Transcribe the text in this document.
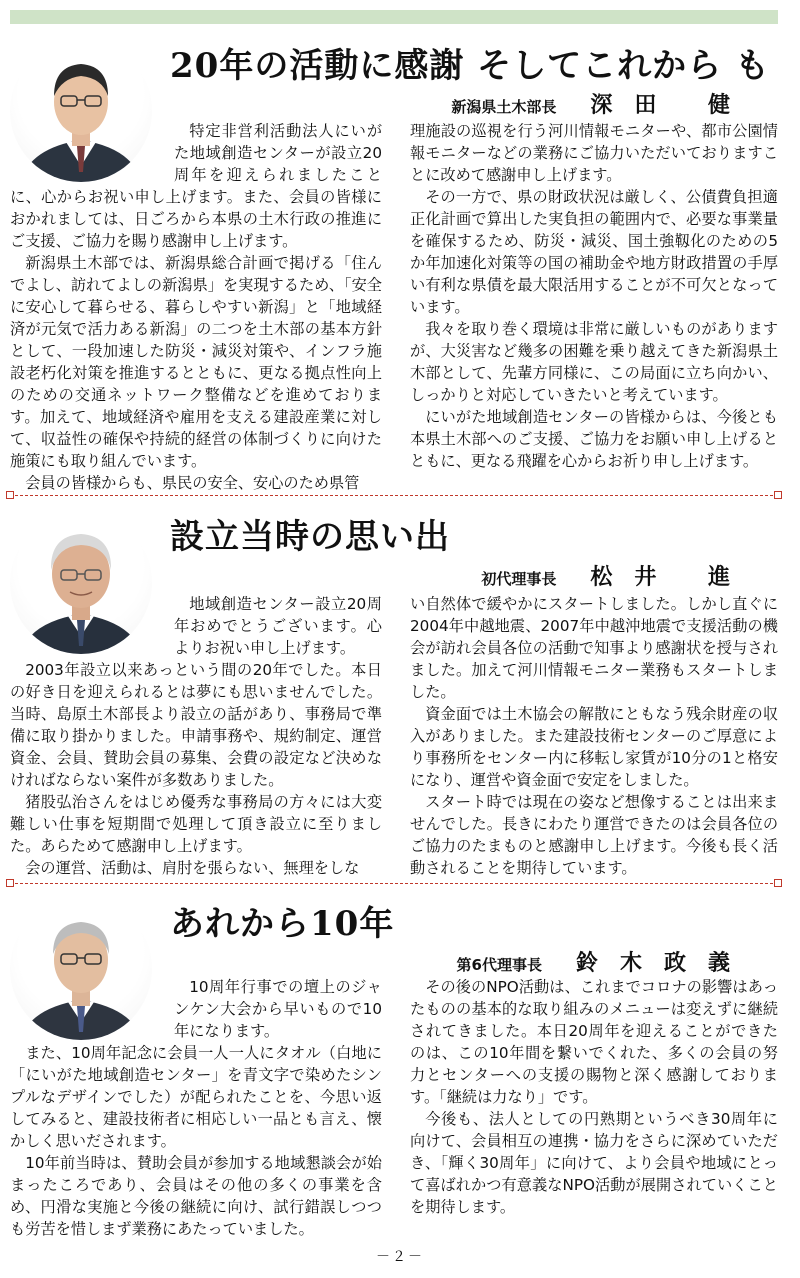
20年の活動に感謝 そしてこれから も
新潟県土木部長 深田 健

特定非営利活動法人にいがた地域創造センターが設立20周年を迎えられましたことに、心からお祝い申し上げます。また、会員の皆様におかれましては、日ごろから本県の土木行政の推進にご支援、ご協力を賜り感謝申し上げます。

新潟県土木部では、新潟県総合計画で掲げる「住んでよし、訪れてよしの新潟県」を実現するため、「安全に安心して暮らせる、暮らしやすい新潟」と「地域経済が元気で活力ある新潟」の二つを土木部の基本方針として、一段加速した防災・減災対策や、インフラ施設老朽化対策を推進するとともに、更なる拠点性向上のための交通ネットワーク整備などを進めております。加えて、地域経済や雇用を支える建設産業に対して、収益性の確保や持続的経営の体制づくりに向けた施策にも取り組んでいます。

会員の皆様からも、県民の安全、安心のため県管

理施設の巡視を行う河川情報モニターや、都市公園情報モニターなどの業務にご協力いただいておりますことに改めて感謝申し上げます。

その一方で、県の財政状況は厳しく、公債費負担適正化計画で算出した実負担の範囲内で、必要な事業量を確保するため、防災・減災、国土強靱化のための5か年加速化対策等の国の補助金や地方財政措置の手厚い有利な県債を最大限活用することが不可欠となっています。

我々を取り巻く環境は非常に厳しいものがありますが、大災害など幾多の困難を乗り越えてきた新潟県土木部として、先輩方同様に、この局面に立ち向かい、しっかりと対応していきたいと考えています。

にいがた地域創造センターの皆様からは、今後とも本県土木部へのご支援、ご協力をお願い申し上げるとともに、更なる飛躍を心からお祈り申し上げます。

設立当時の思い出
初代理事長 松井 進

地域創造センター設立20周年おめでとうございます。心よりお祝い申し上げます。

2003年設立以来あっという間の20年でした。本日の好き日を迎えられるとは夢にも思いませんでした。当時、島原土木部長より設立の話があり、事務局で準備に取り掛かりました。申請事務や、規約制定、運営資金、会員、賛助会員の募集、会費の設定など決めなければならない案件が多数ありました。

猪股弘治さんをはじめ優秀な事務局の方々には大変難しい仕事を短期間で処理して頂き設立に至りました。あらためて感謝申し上げます。

会の運営、活動は、肩肘を張らない、無理をしな

い自然体で緩やかにスタートしました。しかし直ぐに2004年中越地震、2007年中越沖地震で支援活動の機会が訪れ会員各位の活動で知事より感謝状を授与されました。加えて河川情報モニター業務もスタートしました。

資金面では土木協会の解散にともなう残余財産の収入がありました。また建設技術センターのご厚意により事務所をセンター内に移転し家賃が10分の1と格安になり、運営や資金面で安定をしました。

スタート時では現在の姿など想像することは出来ませんでした。長きにわたり運営できたのは会員各位のご協力のたまものと感謝申し上げます。今後も長く活動されることを期待しています。

あれから10年
第6代理事長 鈴木政義

10周年行事での壇上のジャンケン大会から早いもので10年になります。

また、10周年記念に会員一人一人にタオル（白地に「にいがた地域創造センター」を青文字で染めたシンプルなデザインでした）が配られたことを、今思い返してみると、建設技術者に相応しい一品とも言え、懐かしく思いだされます。

10年前当時は、賛助会員が参加する地域懇談会が始まったころであり、会員はその他の多くの事業を含め、円滑な実施と今後の継続に向け、試行錯誤しつつも労苦を惜しまず業務にあたっていました。

その後のNPO活動は、これまでコロナの影響はあったものの基本的な取り組みのメニューは変えずに継続されてきました。本日20周年を迎えることができたのは、この10年間を繋いでくれた、多くの会員の努力とセンターへの支援の賜物と深く感謝しております。「継続は力なり」です。

今後も、法人としての円熟期というべき30周年に向けて、会員相互の連携・協力をさらに深めていただき、「輝く30周年」に向けて、より会員や地域にとって喜ばれかつ有意義なNPO活動が展開されていくことを期待します。

－２－
